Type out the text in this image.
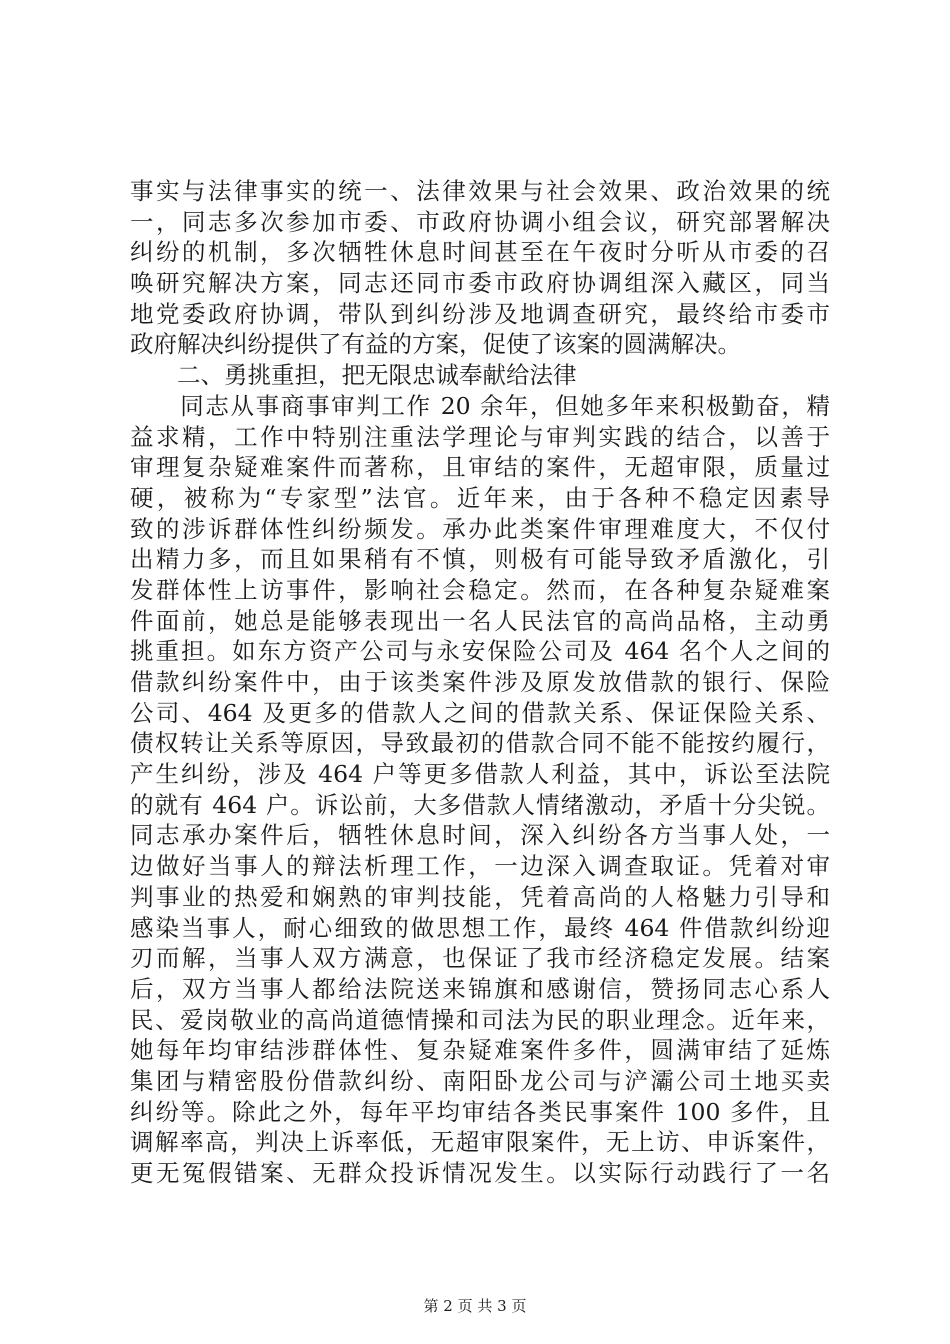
事实与法律事实的统一、法律效果与社会效果、政治效果的统
一，同志多次参加市委、市政府协调小组会议，研究部署解决
纠纷的机制，多次牺牲休息时间甚至在午夜时分听从市委的召
唤研究解决方案，同志还同市委市政府协调组深入藏区，同当
地党委政府协调，带队到纠纷涉及地调查研究，最终给市委市
政府解决纠纷提供了有益的方案，促使了该案的圆满解决。
　　二、勇挑重担，把无限忠诚奉献给法律
　　同志从事商事审判工作 20 余年，但她多年来积极勤奋，精
益求精，工作中特别注重法学理论与审判实践的结合，以善于
审理复杂疑难案件而著称，且审结的案件，无超审限，质量过
硬，被称为“专家型”法官。近年来，由于各种不稳定因素导
致的涉诉群体性纠纷频发。承办此类案件审理难度大，不仅付
出精力多，而且如果稍有不慎，则极有可能导致矛盾激化，引
发群体性上访事件，影响社会稳定。然而，在各种复杂疑难案
件面前，她总是能够表现出一名人民法官的高尚品格，主动勇
挑重担。如东方资产公司与永安保险公司及 464 名个人之间的
借款纠纷案件中，由于该类案件涉及原发放借款的银行、保险
公司、464 及更多的借款人之间的借款关系、保证保险关系、
债权转让关系等原因，导致最初的借款合同不能不能按约履行，
产生纠纷，涉及 464 户等更多借款人利益，其中，诉讼至法院
的就有 464 户。诉讼前，大多借款人情绪激动，矛盾十分尖锐。
同志承办案件后，牺牲休息时间，深入纠纷各方当事人处，一
边做好当事人的辩法析理工作，一边深入调查取证。凭着对审
判事业的热爱和娴熟的审判技能，凭着高尚的人格魅力引导和
感染当事人，耐心细致的做思想工作，最终 464 件借款纠纷迎
刃而解，当事人双方满意，也保证了我市经济稳定发展。结案
后，双方当事人都给法院送来锦旗和感谢信，赞扬同志心系人
民、爱岗敬业的高尚道德情操和司法为民的职业理念。近年来，
她每年均审结涉群体性、复杂疑难案件多件，圆满审结了延炼
集团与精密股份借款纠纷、南阳卧龙公司与浐灞公司土地买卖
纠纷等。除此之外，每年平均审结各类民事案件 100 多件，且
调解率高，判决上诉率低，无超审限案件，无上访、申诉案件，
更无冤假错案、无群众投诉情况发生。以实际行动践行了一名
第 2 页 共 3 页
